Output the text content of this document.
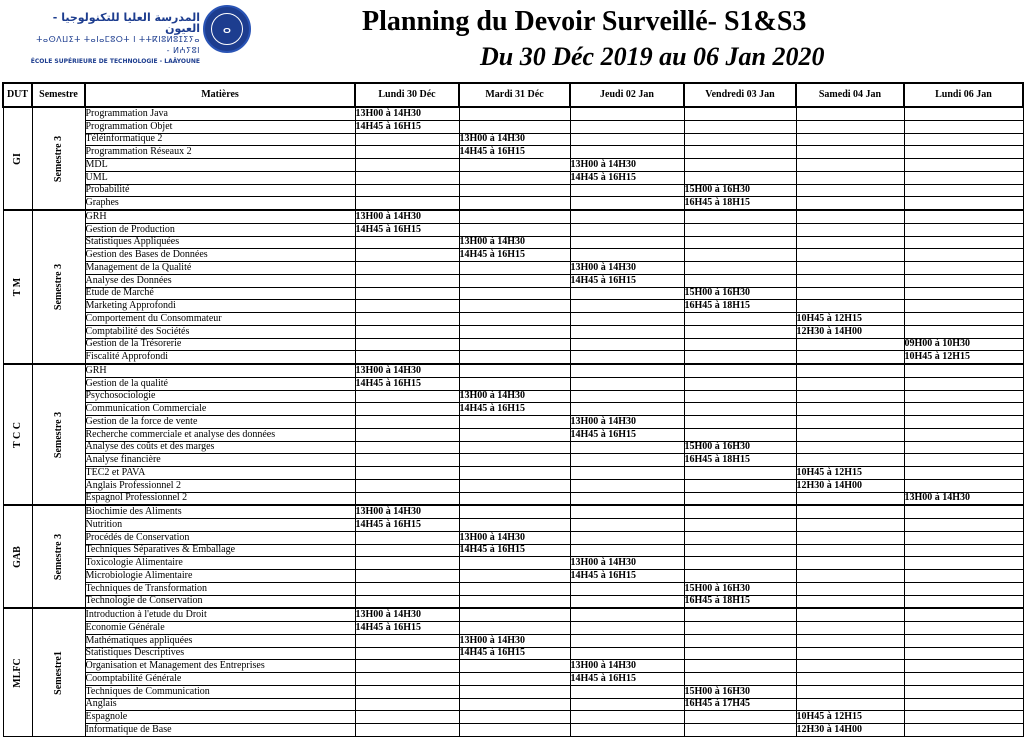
المدرسة العليا للتكنولوجيا - العيون
ⵜⴰⵙⴷⵡⵉⵜ ⵜⴰⵏⴰⵎⵓⵔⵜ ⵏ ⵜⵜⴽⵏⵓⵍⵓⵊⵉⵢⴰ - ⵍⵄⵢⵓⵏ
ÉCOLE SUPÉRIEURE DE TECHNOLOGIE - LAÂYOUNE
ⴰ	Planning du Devoir Surveillé- S1&S3
Du 30 Déc 2019 au 06 Jan 2020
DUT	Semestre	Matières	Lundi 30 Déc	Mardi 31 Déc	Jeudi 02 Jan	Vendredi 03 Jan	Samedi 04 Jan	Lundi 06 Jan

GI	Semestre 3	Programmation Java	13H00 à 14H30					
		Programmation Objet	14H45 à 16H15					
		Téléinformatique 2		13H00 à 14H30				
		Programmation Réseaux 2		14H45 à 16H15				
		MDL			13H00 à 14H30			
		UML			14H45 à 16H15			
		Probabilité				15H00 à 16H30		
		Graphes				16H45 à 18H15		

T M	Semestre 3	GRH	13H00 à 14H30					
		Gestion de Production	14H45 à 16H15					
		Statistiques Appliquées		13H00 à 14H30				
		Gestion des Bases de Données		14H45 à 16H15				
		Management de la Qualité			13H00 à 14H30			
		Analyse des Données			14H45 à 16H15			
		Etude de Marché				15H00 à 16H30		
		Marketing Approfondi				16H45 à 18H15		
		Comportement du Consommateur					10H45 à 12H15	
		Comptabilité des Sociétés					12H30 à 14H00	
		Gestion de la Trésorerie						09H00 à 10H30
		Fiscalité Approfondi						10H45 à 12H15

T C C	Semestre 3	GRH	13H00 à 14H30					
		Gestion de la qualité	14H45 à 16H15					
		Psychosociologie		13H00 à 14H30				
		Communication Commerciale		14H45 à 16H15				
		Gestion de la force de vente			13H00 à 14H30			
		Recherche commerciale et analyse des données			14H45 à 16H15			
		Analyse des coûts et des marges				15H00 à 16H30		
		Analyse financière				16H45 à 18H15		
		TEC2 et PAVA					10H45 à 12H15	
		Anglais Professionnel 2					12H30 à 14H00	
		Espagnol Professionnel 2						13H00 à 14H30

GAB	Semestre 3	Biochimie des Aliments	13H00 à 14H30					
		Nutrition	14H45 à 16H15					
		Procédés de Conservation		13H00 à 14H30				
		Techniques Séparatives & Emballage		14H45 à 16H15				
		Toxicologie Alimentaire			13H00 à 14H30			
		Microbiologie Alimentaire			14H45 à 16H15			
		Techniques de Transformation				15H00 à 16H30		
		Technologie de Conservation				16H45 à 18H15		

MLFC	Semestre1	Introduction à l'etude du Droit	13H00 à 14H30					
		Economie Générale	14H45 à 16H15					
		Mathématiques appliquées		13H00 à 14H30				
		Statistiques Descriptives		14H45 à 16H15				
		Organisation et Management des Entreprises			13H00 à 14H30			
		Coomptabilité Générale			14H45 à 16H15			
		Techniques de Communication				15H00 à 16H30		
		Anglais				16H45 à 17H45		
		Espagnole					10H45 à 12H15	
		Informatique de Base					12H30 à 14H00	
